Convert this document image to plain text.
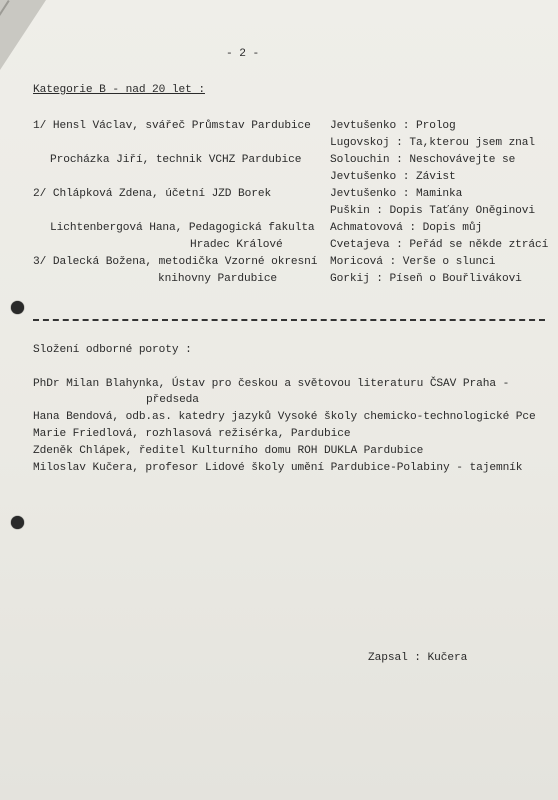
- 2 -
Kategorie B - nad 20 let :
1/ Hensl Václav, svářeč Průmstav Pardubice
Procházka Jiří, technik VCHZ Pardubice
2/ Chlápková Zdena, účetní JZD Borek
Lichtenbergová Hana, Pedagogická fakulta
Hradec Králové
3/ Dalecká Božena, metodička Vzorné okresní
knihovny Pardubice
Jevtušenko : Prolog
Lugovskoj : Ta,kterou jsem znal
Solouchin : Neschovávejte se
Jevtušenko : Závist
Jevtušenko : Maminka
Puškin : Dopis Taťány Oněginovi
Achmatovová : Dopis můj
Cvetajeva : Peřád se někde ztrácí
Moricová : Verše o slunci
Gorkij : Píseň o Bouřlivákovi
Složení odborné poroty :
PhDr Milan Blahynka, Ústav pro českou a světovou literaturu ČSAV Praha -
předseda
Hana Bendová, odb.as. katedry jazyků Vysoké školy chemicko-technologické Pce
Marie Friedlová, rozhlasová režisérka, Pardubice
Zdeněk Chlápek, ředitel Kulturního domu ROH DUKLA Pardubice
Miloslav Kučera, profesor Lidové školy umění Pardubice-Polabiny - tajemník
Zapsal : Kučera
